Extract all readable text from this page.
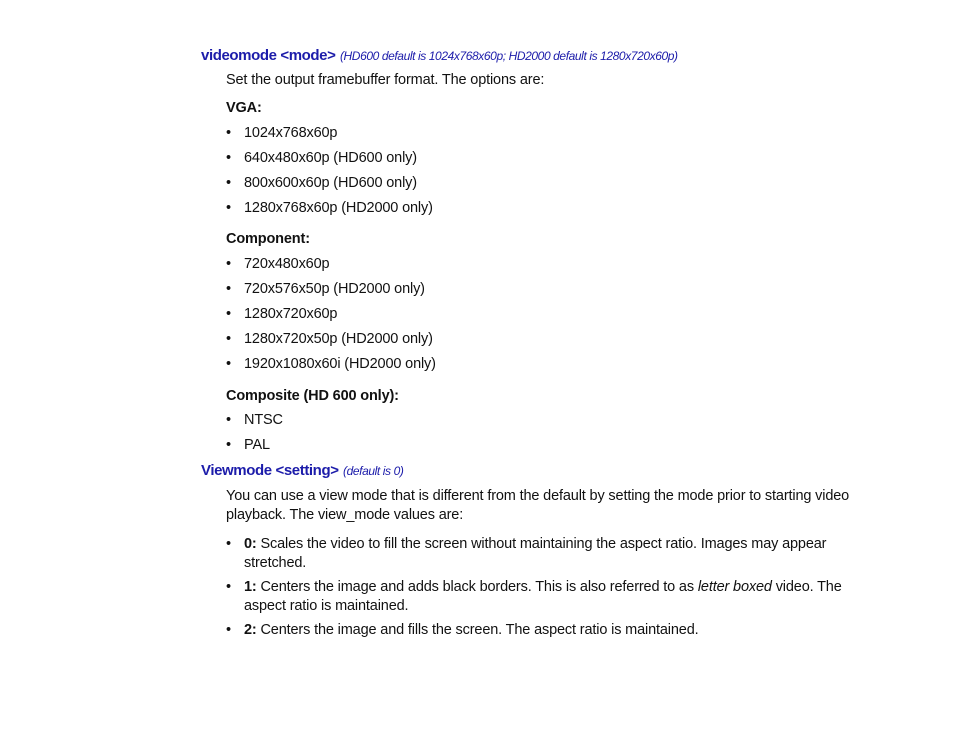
videomode <mode> (HD600 default is 1024x768x60p; HD2000 default is 1280x720x60p)
Set the output framebuffer format. The options are:
VGA:
• 1024x768x60p
• 640x480x60p (HD600 only)
• 800x600x60p (HD600 only)
• 1280x768x60p (HD2000 only)
Component:
• 720x480x60p
• 720x576x50p (HD2000 only)
• 1280x720x60p
• 1280x720x50p (HD2000 only)
• 1920x1080x60i (HD2000 only)
Composite (HD 600 only):
• NTSC
• PAL
Viewmode <setting> (default is 0)
You can use a view mode that is different from the default by setting the mode prior to starting video playback. The view_mode values are:
• 0: Scales the video to fill the screen without maintaining the aspect ratio. Images may appear stretched.
• 1: Centers the image and adds black borders. This is also referred to as letter boxed video. The aspect ratio is maintained.
• 2: Centers the image and fills the screen. The aspect ratio is maintained.
